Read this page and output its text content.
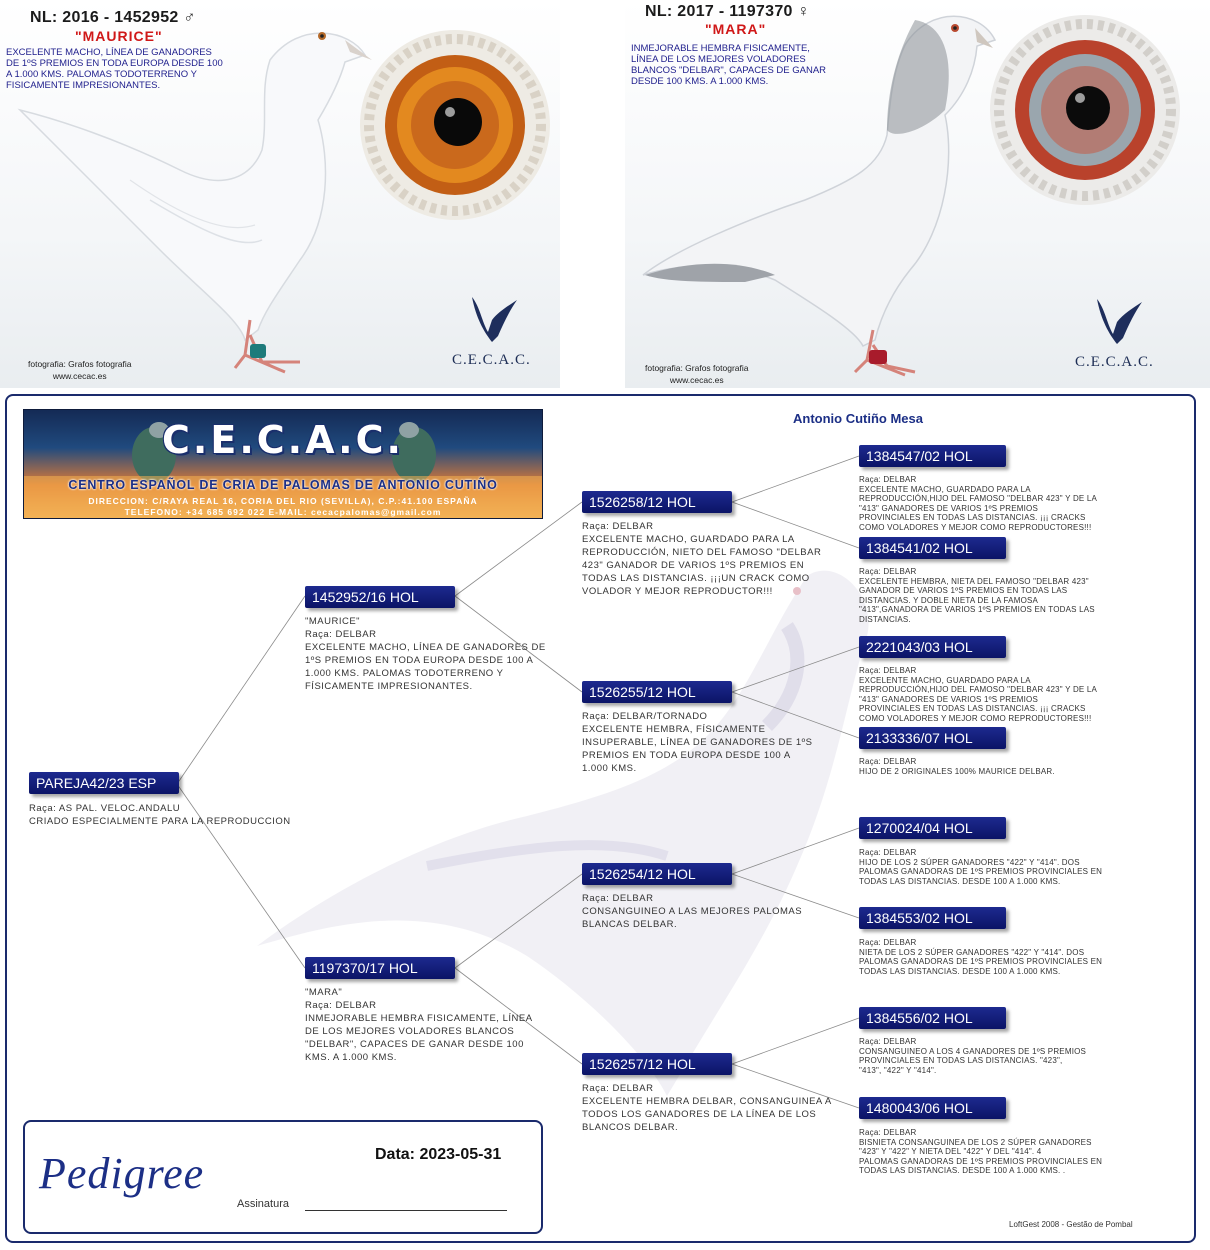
NL: 2016 - 1452952 ♂
"MAURICE"
EXCELENTE MACHO, LÍNEA DE GANADORES
DE 1ºS PREMIOS EN TODA EUROPA DESDE 100
A 1.000 KMS. PALOMAS TODOTERRENO Y
FISICAMENTE IMPRESIONANTES.
fotografia: Grafos fotografia
www.cecac.es
C.E.C.A.C.
NL: 2017 - 1197370 ♀
"MARA"
INMEJORABLE HEMBRA FISICAMENTE,
LÍNEA DE LOS MEJORES VOLADORES
BLANCOS "DELBAR", CAPACES DE GANAR
DESDE 100 KMS. A 1.000 KMS.
fotografia: Grafos fotografia
www.cecac.es
C.E.C.A.C.
C.E.C.A.C.
CENTRO ESPAÑOL DE CRIA DE PALOMAS DE ANTONIO CUTIÑO
DIRECCION: C/RAYA REAL 16, CORIA DEL RIO (SEVILLA), C.P.:41.100 ESPAÑA
TELEFONO: +34 685 692 022 E-MAIL: cecacpalomas@gmail.com
Antonio Cutiño Mesa
PAREJA42/23 ESP
Raça: AS PAL. VELOC.ANDALU
CRIADO ESPECIALMENTE PARA LA REPRODUCCION
1452952/16 HOL
"MAURICE"
Raça: DELBAR
EXCELENTE MACHO, LÍNEA DE GANADORES DE
1ºS PREMIOS EN TODA EUROPA DESDE 100 A
1.000 KMS. PALOMAS TODOTERRENO Y
FÍSICAMENTE IMPRESIONANTES.
1197370/17 HOL
"MARA"
Raça: DELBAR
INMEJORABLE HEMBRA FISICAMENTE, LÍNEA
DE LOS MEJORES VOLADORES BLANCOS
"DELBAR", CAPACES DE GANAR DESDE 100
KMS. A 1.000 KMS.
1526258/12 HOL
Raça: DELBAR
EXCELENTE MACHO, GUARDADO PARA LA
REPRODUCCIÓN, NIETO DEL FAMOSO "DELBAR
423" GANADOR DE VARIOS 1ºS PREMIOS EN
TODAS LAS DISTANCIAS. ¡¡¡UN CRACK COMO
VOLADOR Y MEJOR REPRODUCTOR!!!
1526255/12 HOL
Raça: DELBAR/TORNADO
EXCELENTE HEMBRA, FÍSICAMENTE
INSUPERABLE, LÍNEA DE GANADORES DE 1ºS
PREMIOS EN TODA EUROPA DESDE 100 A
1.000 KMS.
1526254/12 HOL
Raça: DELBAR
CONSANGUINEO A LAS MEJORES PALOMAS
BLANCAS DELBAR.
1526257/12 HOL
Raça: DELBAR
EXCELENTE HEMBRA DELBAR, CONSANGUINEA A
TODOS LOS GANADORES DE LA LÍNEA DE LOS
BLANCOS DELBAR.
1384547/02 HOL
Raça: DELBAR
EXCELENTE MACHO, GUARDADO PARA LA
REPRODUCCIÓN,HIJO DEL FAMOSO "DELBAR 423" Y DE LA
"413" GANADORES DE VARIOS 1ºS PREMIOS
PROVINCIALES EN TODAS LAS DISTANCIAS. ¡¡¡ CRACKS
COMO VOLADORES Y MEJOR COMO REPRODUCTORES!!!
1384541/02 HOL
Raça: DELBAR
EXCELENTE HEMBRA, NIETA DEL FAMOSO "DELBAR 423"
GANADOR DE VARIOS 1ºS PREMIOS EN TODAS LAS
DISTANCIAS. Y DOBLE NIETA DE LA FAMOSA
"413",GANADORA DE VARIOS 1ºS PREMIOS EN TODAS LAS
DISTANCIAS.
2221043/03 HOL
Raça: DELBAR
EXCELENTE MACHO, GUARDADO PARA LA
REPRODUCCIÓN,HIJO DEL FAMOSO "DELBAR 423" Y DE LA
"413" GANADORES DE VARIOS 1ºS PREMIOS
PROVINCIALES EN TODAS LAS DISTANCIAS. ¡¡¡ CRACKS
COMO VOLADORES Y MEJOR COMO REPRODUCTORES!!!
2133336/07 HOL
Raça: DELBAR
HIJO DE 2 ORIGINALES 100% MAURICE DELBAR.
1270024/04 HOL
Raça: DELBAR
HIJO DE LOS 2 SÚPER GANADORES "422" Y "414". DOS
PALOMAS GANADORAS DE 1ºS PREMIOS PROVINCIALES EN
TODAS LAS DISTANCIAS. DESDE 100 A 1.000 KMS.
1384553/02 HOL
Raça: DELBAR
NIETA DE LOS 2 SÚPER GANADORES "422" Y "414". DOS
PALOMAS GANADORAS DE 1ºS PREMIOS PROVINCIALES EN
TODAS LAS DISTANCIAS. DESDE 100 A 1.000 KMS.
1384556/02 HOL
Raça: DELBAR
CONSANGUINEO A LOS 4 GANADORES DE 1ºS PREMIOS
PROVINCIALES EN TODAS LAS DISTANCIAS. "423",
"413", "422" Y "414".
1480043/06 HOL
Raça: DELBAR
BISNIETA CONSANGUINEA DE LOS 2 SÚPER GANADORES
"423" Y "422" Y NIETA DEL "422" Y DEL "414". 4
PALOMAS GANADORAS DE 1ºS PREMIOS PROVINCIALES EN
TODAS LAS DISTANCIAS. DESDE 100 A 1.000 KMS. .
Pedigree	Data: 2023-05-31
Assinatura
LoftGest 2008 - Gestão de Pombal
